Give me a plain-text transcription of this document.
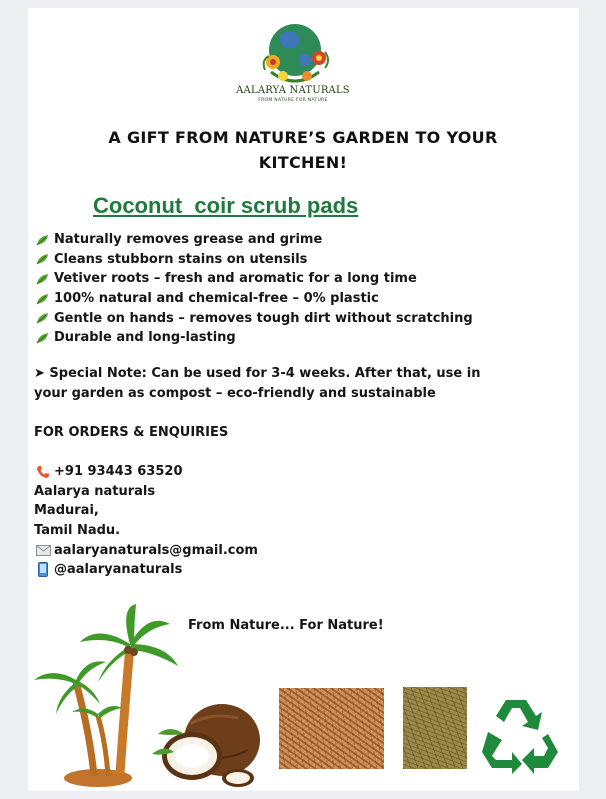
AALARYA NATURALS
FROM NATURE FOR NATURE
A GIFT FROM NATURE’S GARDEN TO YOUR KITCHEN!
Coconut  coir scrub pads
Naturally removes grease and grime
Cleans stubborn stains on utensils
Vetiver roots – fresh and aromatic for a long time
100% natural and chemical-free – 0% plastic
Gentle on hands – removes tough dirt without scratching
Durable and long-lasting
➤ Special Note: Can be used for 3-4 weeks. After that, use in your garden as compost – eco-friendly and sustainable
FOR ORDERS & ENQUIRIES
+91 93443 63520
Aalarya naturals
Madurai,
Tamil Nadu.
aalaryanaturals@gmail.com
@aalaryanaturals
From Nature... For Nature!
